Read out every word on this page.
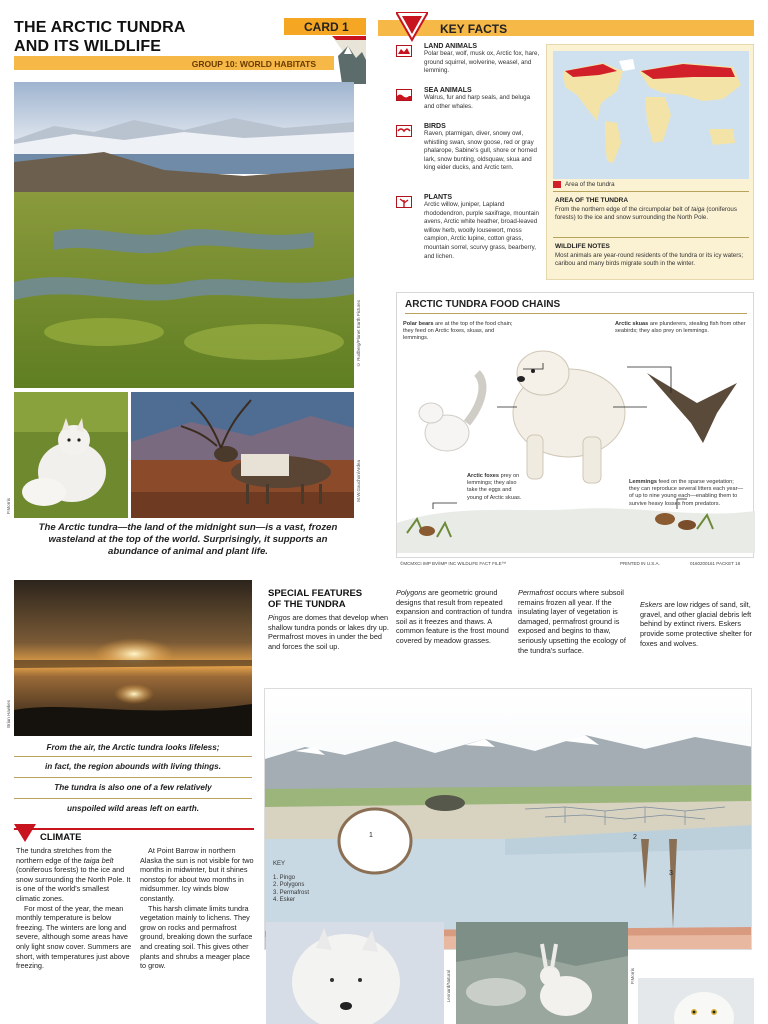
THE ARCTIC TUNDRA
AND ITS WILDLIFE
CARD 1
GROUP 10: WORLD HABITATS
© Rudberg/Planet Earth Pictures
P.Morris
M.W.Gauchon/Ardea
The Arctic tundra—the land of the midnight sun—is a vast, frozen wasteland at the top of the world. Surprisingly, it supports an abundance of animal and plant life.
KEY FACTS
LAND ANIMALS
Polar bear, wolf, musk ox, Arctic fox, hare, ground squirrel, wolverine, weasel, and lemming.
SEA ANIMALS
Walrus, fur and harp seals, and beluga and other whales.
BIRDS
Raven, ptarmigan, diver, snowy owl, whistling swan, snow goose, red or gray phalarope, Sabine's gull, shore or horned lark, snow bunting, oldsquaw, skua and king eider ducks, and Arctic tern.
PLANTS
Arctic willow, juniper, Lapland rhododendron, purple saxifrage, mountain avens, Arctic white heather, broad-leaved willow herb, woolly lousewort, moss campion, Arctic lupine, cotton grass, mountain sorrel, scurvy grass, bearberry, and lichen.
Area of the tundra
AREA OF THE TUNDRA
From the northern edge of the circumpolar belt of taiga (coniferous forests) to the ice and snow surrounding the North Pole.
WILDLIFE NOTES
Most animals are year-round residents of the tundra or its icy waters; caribou and many birds migrate south in the winter.
ARCTIC TUNDRA FOOD CHAINS
Polar bears are at the top of the food chain; they feed on Arctic foxes, skuas, and lemmings.
Arctic skuas are plunderers, stealing fish from other seabirds; they also prey on lemmings.
Arctic foxes prey on lemmings; they also take the eggs and young of Arctic skuas.
Lemmings feed on the sparse vegetation; they can reproduce several litters each year—of up to nine young each—enabling them to survive heavy losses from predators.
©MCMXCI IMP BV/IMP INC WILDLIFE FACT FILE™	PRINTED IN U.S.A.	0160200161 PACKET 18
Brian Hawkes
From the air, the Arctic tundra looks lifeless;
in fact, the region abounds with living things.
The tundra is also one of a few relatively
unspoiled wild areas left on earth.
CLIMATE

The tundra stretches from the northern edge of the taiga belt (coniferous forests) to the ice and snow surrounding the North Pole. It is one of the world's smallest climatic zones.

For most of the year, the mean monthly temperature is below freezing. The winters are long and severe, although some areas have only light snow cover. Summers are short, with temperatures just above freezing.

At Point Barrow in northern Alaska the sun is not visible for two months in midwinter, but it shines nonstop for about two months in midsummer. Icy winds blow constantly.

This harsh climate limits tundra vegetation mainly to lichens. They grow on rocks and permafrost ground, breaking down the surface and creating soil. This gives other plants and shrubs a meager place to grow.

SPECIAL FEATURES
OF THE TUNDRA
Pingos are domes that develop when shallow tundra ponds or lakes dry up. Permafrost moves in under the bed and forces the soil up.
Polygons are geometric ground designs that result from repeated expansion and contraction of tundra soil as it freezes and thaws. A common feature is the frost mound covered by meadow grasses.
Permafrost occurs where subsoil remains frozen all year. If the insulating layer of vegetation is damaged, permafrost ground is exposed and begins to thaw, seriously upsetting the ecology of the tundra's surface.
Eskers are low ridges of sand, silt, gravel, and other glacial debris left behind by extinct rivers. Eskers provide some protective shelter for foxes and wolves.
1	2
3
KEY
1. Pingo
2. Polygons
3. Permafrost
4. Esker
Leonard/Natural	P.Morris
